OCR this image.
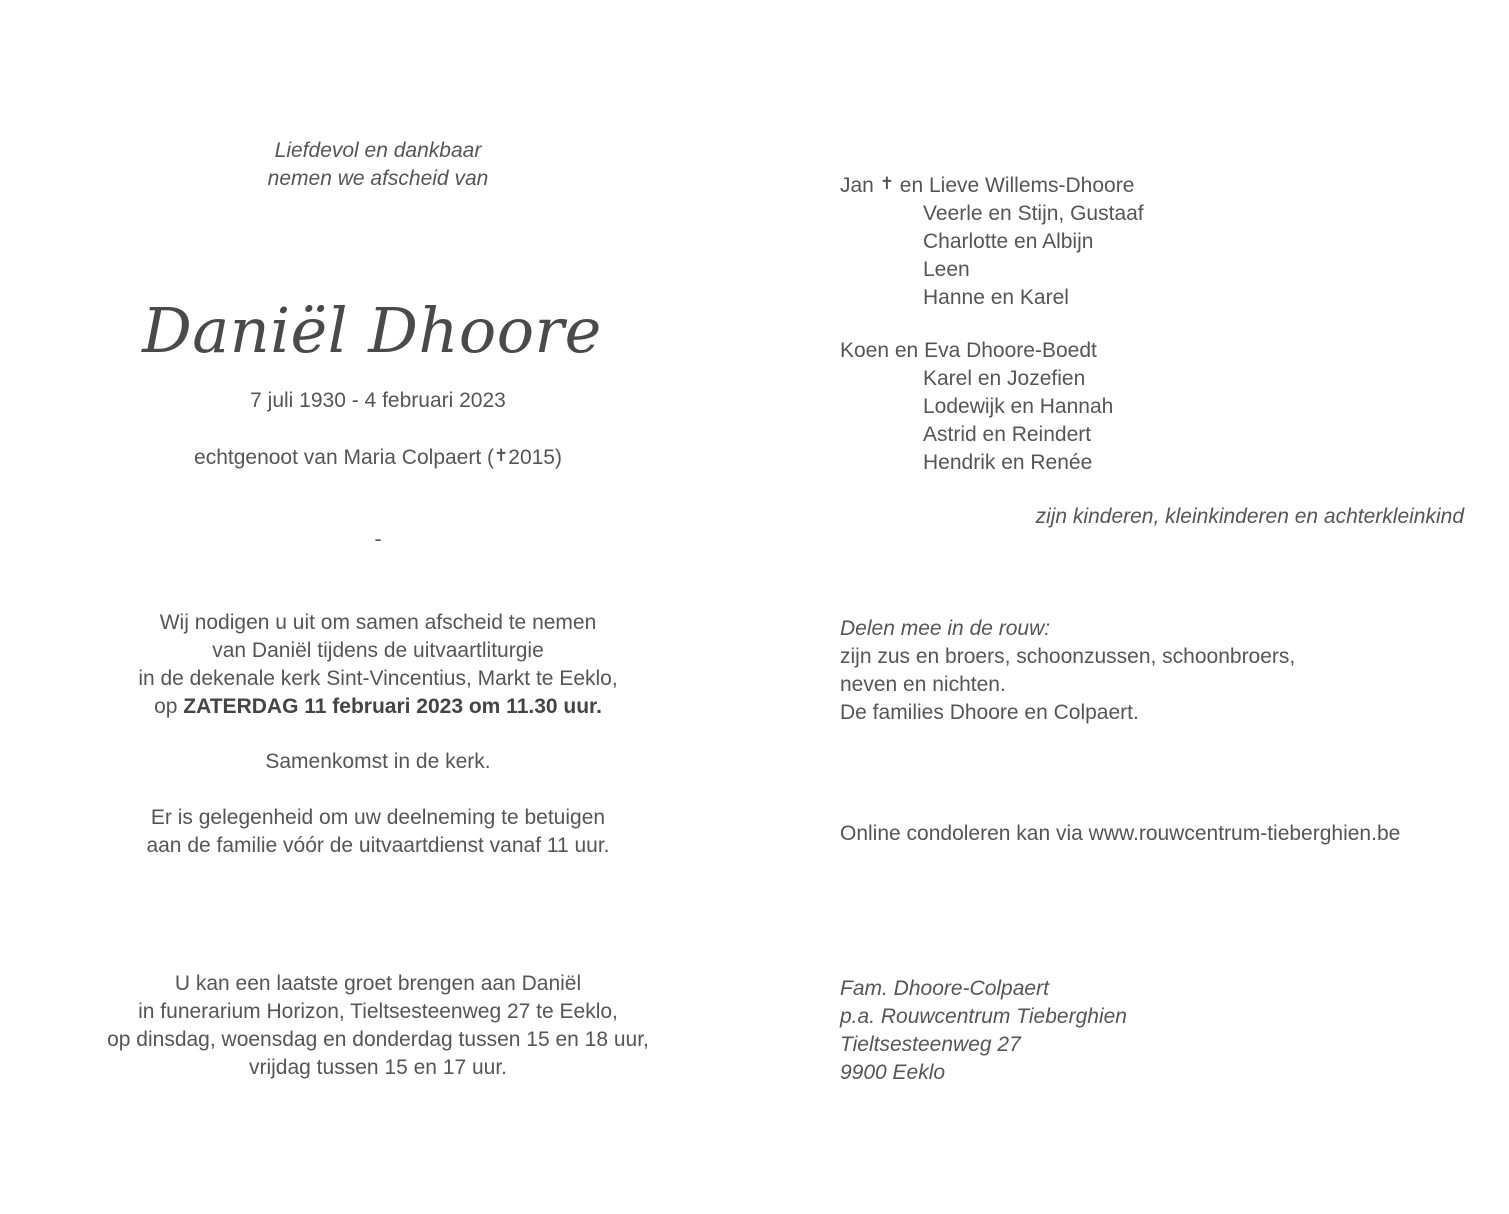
Liefdevol en dankbaar
nemen we afscheid van
Daniël Dhoore
7 juli 1930 - 4 februari 2023
echtgenoot van Maria Colpaert (✝2015)
-
Wij nodigen u uit om samen afscheid te nemen
van Daniël tijdens de uitvaartliturgie
in de dekenale kerk Sint-Vincentius, Markt te Eeklo,
op ZATERDAG 11 februari 2023 om 11.30 uur.
Samenkomst in de kerk.
Er is gelegenheid om uw deelneming te betuigen
aan de familie vóór de uitvaartdienst vanaf 11 uur.
U kan een laatste groet brengen aan Daniël
in funerarium Horizon, Tieltsesteenweg 27 te Eeklo,
op dinsdag, woensdag en donderdag tussen 15 en 18 uur,
vrijdag tussen 15 en 17 uur.
Jan ✝ en Lieve Willems-Dhoore
Veerle en Stijn, Gustaaf
Charlotte en Albijn
Leen
Hanne en Karel
Koen en Eva Dhoore-Boedt
Karel en Jozefien
Lodewijk en Hannah
Astrid en Reindert
Hendrik en Renée
zijn kinderen, kleinkinderen en achterkleinkind
Delen mee in de rouw:
zijn zus en broers, schoonzussen, schoonbroers,
neven en nichten.
De families Dhoore en Colpaert.
Online condoleren kan via www.rouwcentrum-tieberghien.be
Fam. Dhoore-Colpaert
p.a. Rouwcentrum Tieberghien
Tieltsesteenweg 27
9900 Eeklo
